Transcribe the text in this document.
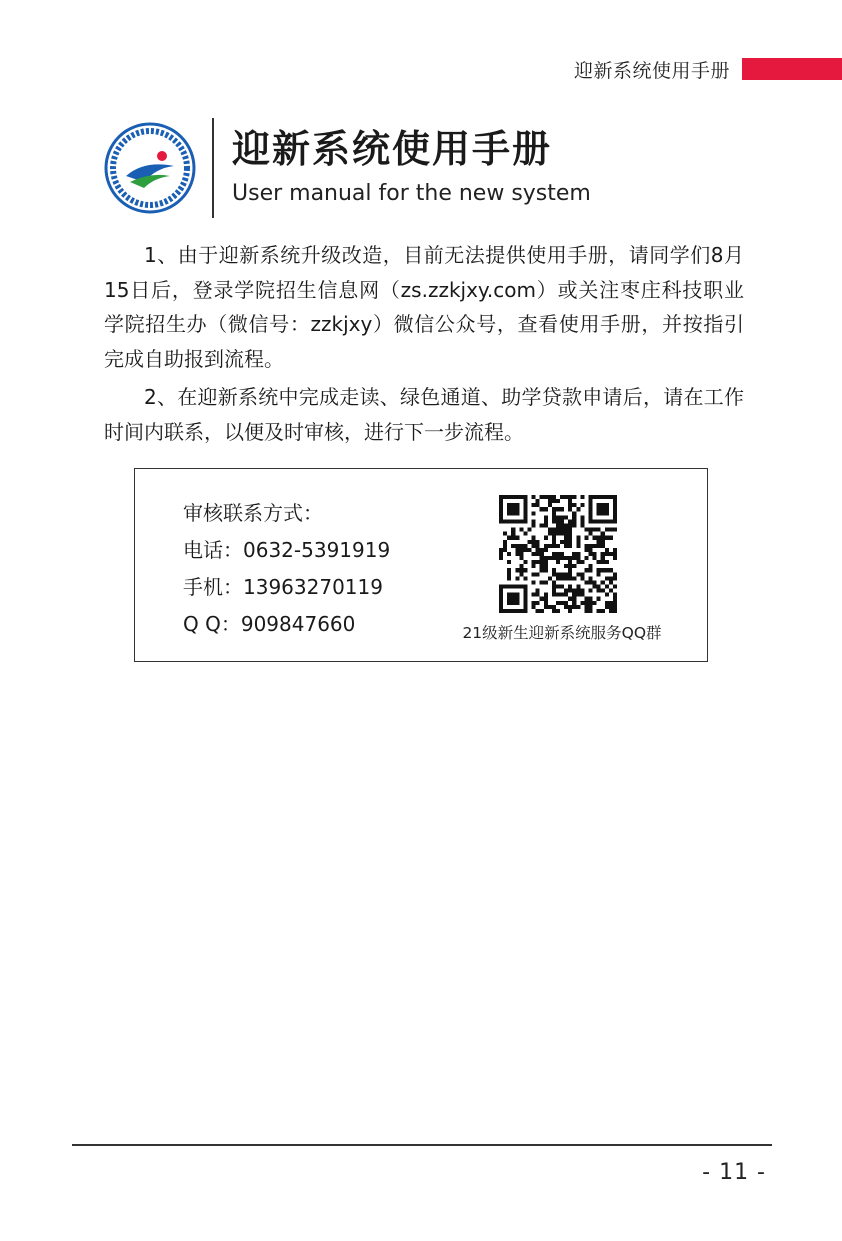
迎新系统使用手册
迎新系统使用手册
User manual for the new system

1、由于迎新系统升级改造，目前无法提供使用手册，请同学们8月15日后，登录学院招生信息网（zs.zzkjxy.com）或关注枣庄科技职业学院招生办（微信号：zzkjxy）微信公众号，查看使用手册，并按指引完成自助报到流程。

2、在迎新系统中完成走读、绿色通道、助学贷款申请后，请在工作时间内联系，以便及时审核，进行下一步流程。

审核联系方式：
电话：0632-5391919
手机：13963270119
Q Q：909847660	21级新生迎新系统服务QQ群
- 11 -
